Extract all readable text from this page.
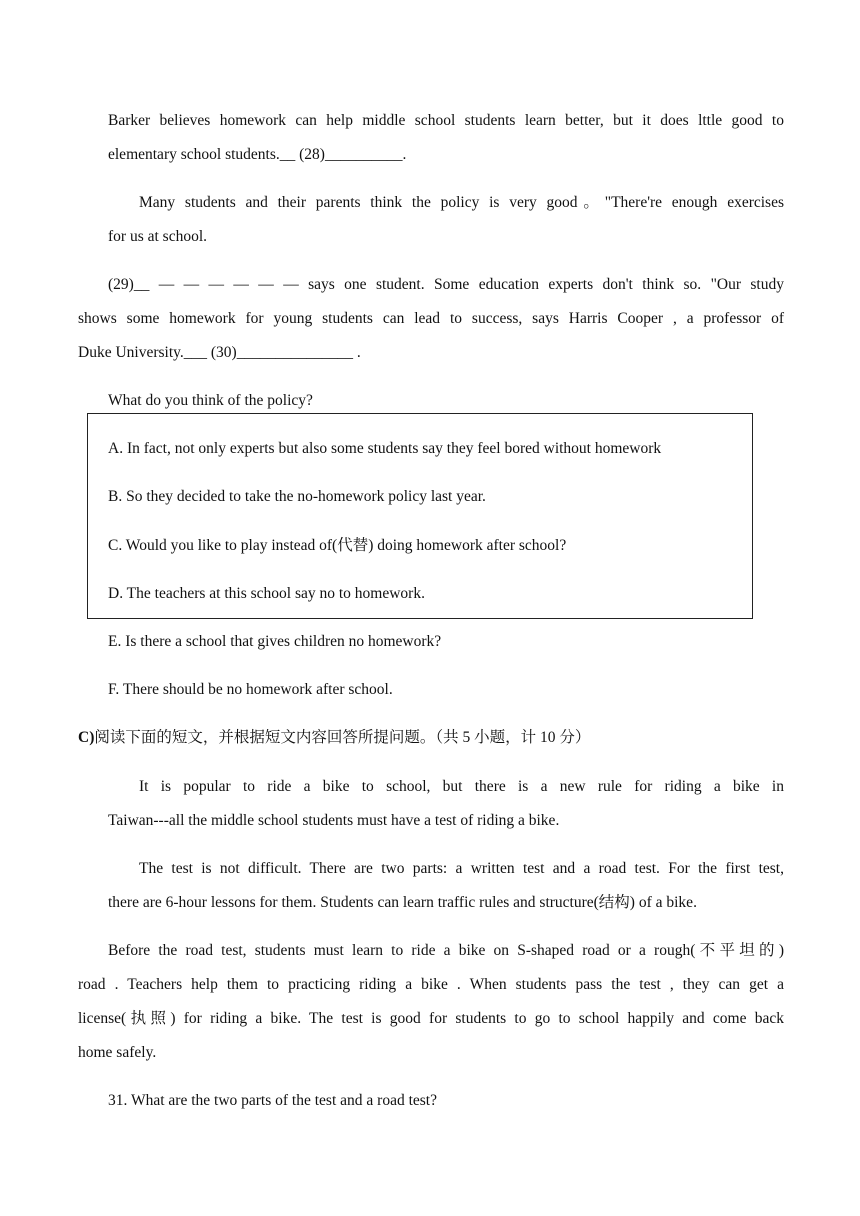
Barker believes homework can help middle school students learn better, but it does lttle good to
elementary school students.__ (28)__________.
Many students and their parents think the policy is very good。"There're enough exercises
for us at school.
(29)__ — — — — — — says one student. Some education experts don't think so. "Our study
shows some homework for young students can lead to success, says Harris Cooper , a professor of
Duke University.___ (30)_______________ .
What do you think of the policy?
A. In fact, not only experts but also some students say they feel bored without homework
B. So they decided to take the no-homework policy last year.
C. Would you like to play instead of(代替) doing homework after school?
D. The teachers at this school say no to homework.
E. Is there a school that gives children no homework?
F. There should be no homework after school.
C)阅读下面的短文，并根据短文内容回答所提问题。（共 5 小题，计 10 分）
It is popular to ride a bike to school, but there is a new rule for riding a bike in
Taiwan---all the middle school students must have a test of riding a bike.
The test is not difficult. There are two parts: a written test and a road test. For the first test,
there are 6-hour lessons for them. Students can learn traffic rules and structure(结构) of a bike.
Before the road test, students must learn to ride a bike on S-shaped road or a rough(不平坦的)
road . Teachers help them to practicing riding a bike . When students pass the test , they can get a
license(执照) for riding a bike. The test is good for students to go to school happily and come back
home safely.
31. What are the two parts of the test and a road test?
